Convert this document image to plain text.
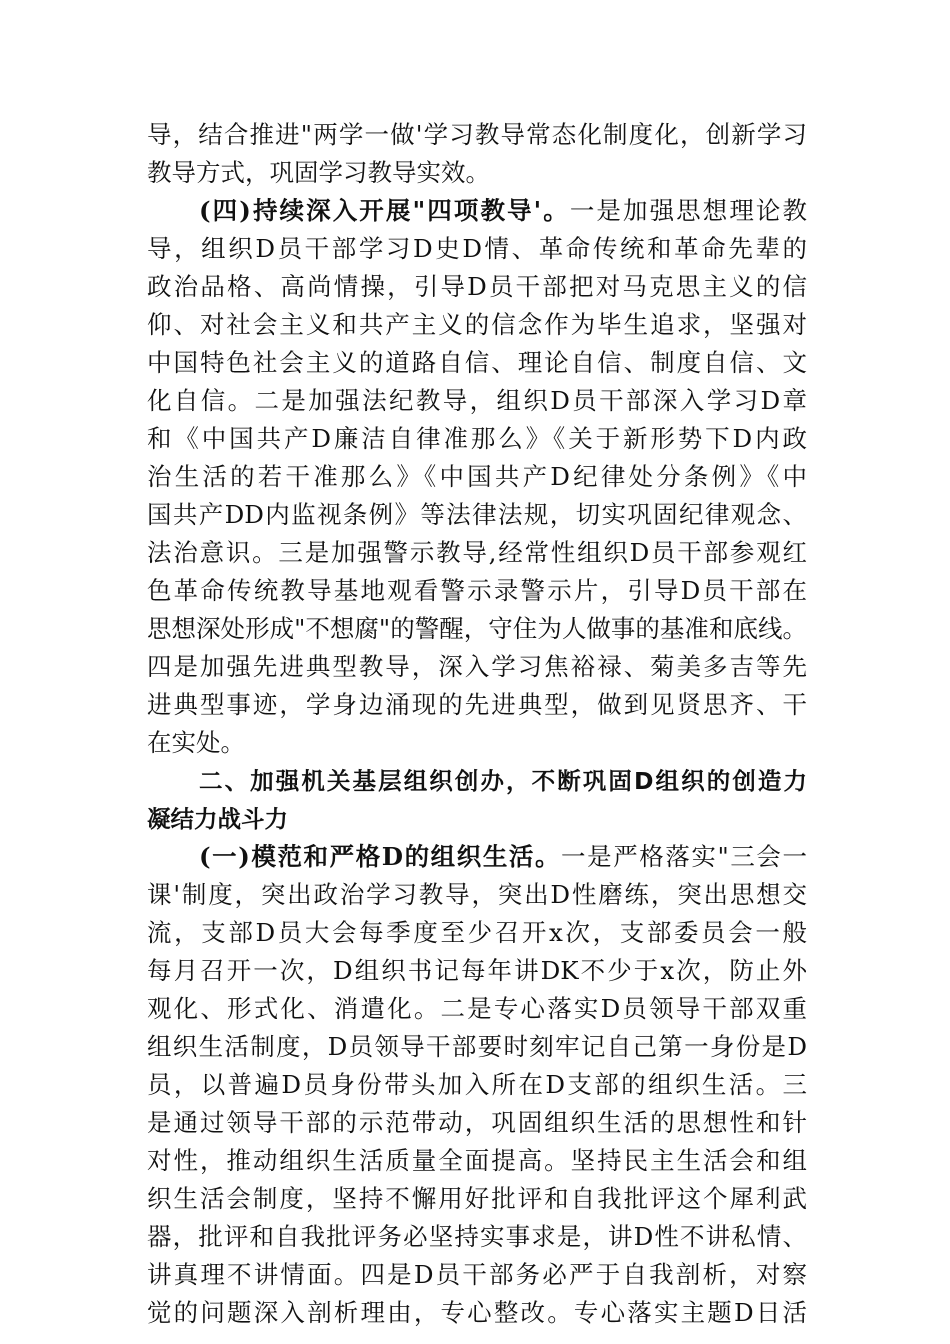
导，结合推进"两学一做'学习教导常态化制度化，创新学习
教导方式，巩固学习教导实效。
(四)持续深入开展"四项教导'。一是加强思想理论教
导，组织D员干部学习D史D情、革命传统和革命先辈的
政治品格、高尚情操，引导D员干部把对马克思主义的信
仰、对社会主义和共产主义的信念作为毕生追求，坚强对
中国特色社会主义的道路自信、理论自信、制度自信、文
化自信。二是加强法纪教导，组织D员干部深入学习D章
和《中国共产D廉洁自律准那么》《关于新形势下D内政
治生活的若干准那么》《中国共产D纪律处分条例》《中
国共产DD内监视条例》等法律法规，切实巩固纪律观念、
法治意识。三是加强警示教导,经常性组织D员干部参观红
色革命传统教导基地观看警示录警示片，引导D员干部在
思想深处形成"不想腐"的警醒，守住为人做事的基准和底线。
四是加强先进典型教导，深入学习焦裕禄、菊美多吉等先
进典型事迹，学身边涌现的先进典型，做到见贤思齐、干
在实处。
二、加强机关基层组织创办，不断巩固D组织的创造力
凝结力战斗力
(一)模范和严格D的组织生活。一是严格落实"三会一
课'制度，突出政治学习教导，突出D性磨练，突出思想交
流，支部D员大会每季度至少召开x次，支部委员会一般
每月召开一次，D组织书记每年讲DK不少于x次，防止外
观化、形式化、消遣化。二是专心落实D员领导干部双重
组织生活制度，D员领导干部要时刻牢记自己第一身份是D
员，以普遍D员身份带头加入所在D支部的组织生活。三
是通过领导干部的示范带动，巩固组织生活的思想性和针
对性，推动组织生活质量全面提高。坚持民主生活会和组
织生活会制度，坚持不懈用好批评和自我批评这个犀利武
器，批评和自我批评务必坚持实事求是，讲D性不讲私情、
讲真理不讲情面。四是D员干部务必严于自我剖析，对察
觉的问题深入剖析理由，专心整改。专心落实主题D日活
